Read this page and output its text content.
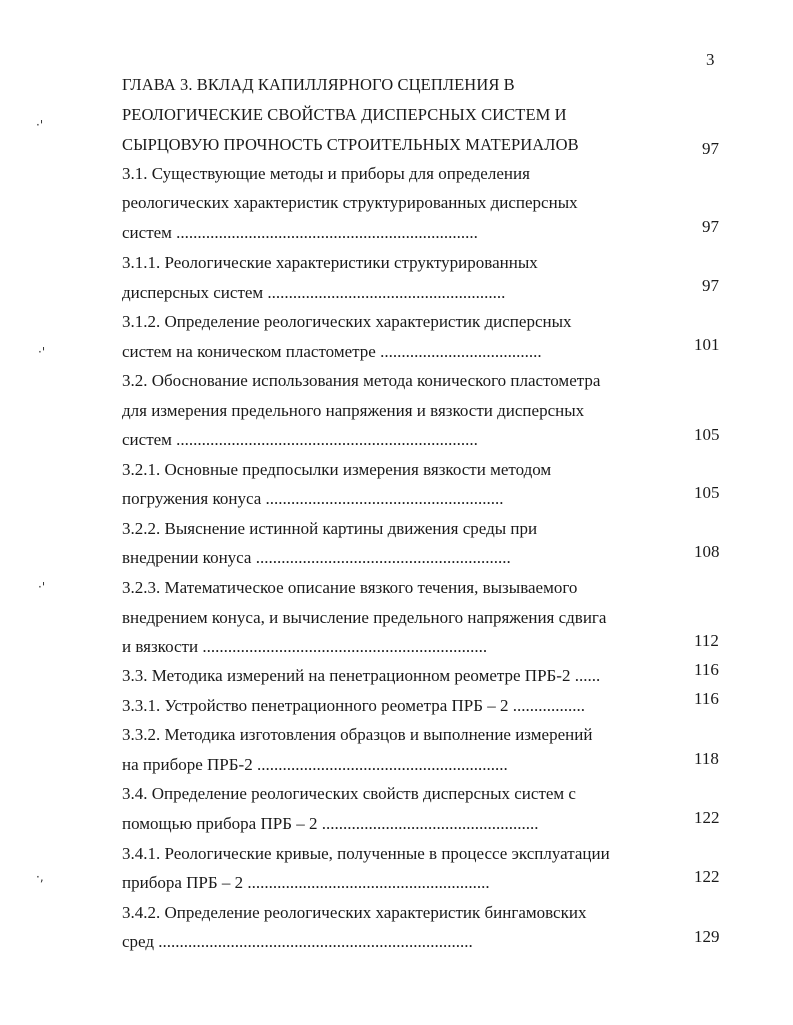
3
·'
·'
·'
·,
ГЛАВА 3. ВКЛАД КАПИЛЛЯРНОГО СЦЕПЛЕНИЯ В
РЕОЛОГИЧЕСКИЕ СВОЙСТВА ДИСПЕРСНЫХ СИСТЕМ И
СЫРЦОВУЮ ПРОЧНОСТЬ СТРОИТЕЛЬНЫХ МАТЕРИАЛОВ	97
3.1. Существующие методы и приборы для определения
реологических характеристик структурированных дисперсных
систем .......................................................................	97
3.1.1. Реологические характеристики структурированных
дисперсных систем ........................................................	97
3.1.2. Определение реологических характеристик дисперсных
систем на коническом пластометре ......................................	101
3.2. Обоснование использования метода конического пластометра
для измерения предельного напряжения и вязкости дисперсных
систем .......................................................................	105
3.2.1. Основные предпосылки измерения вязкости методом
погружения конуса ........................................................	105
3.2.2. Выяснение истинной картины движения среды при
внедрении конуса ............................................................	108
3.2.3. Математическое описание вязкого течения, вызываемого
внедрением конуса, и вычисление предельного напряжения сдвига
и вязкости ...................................................................	112
3.3. Методика измерений на пенетрационном реометре ПРБ-2 ......	116
3.3.1. Устройство пенетрационного реометра ПРБ – 2 .................	116
3.3.2. Методика изготовления образцов и выполнение измерений
на приборе ПРБ-2 ...........................................................	118
3.4. Определение реологических свойств дисперсных систем с
помощью прибора ПРБ – 2 ...................................................	122
3.4.1. Реологические кривые, полученные в процессе эксплуатации
прибора ПРБ – 2 .........................................................	122
3.4.2. Определение реологических характеристик бингамовских
сред ..........................................................................	129
